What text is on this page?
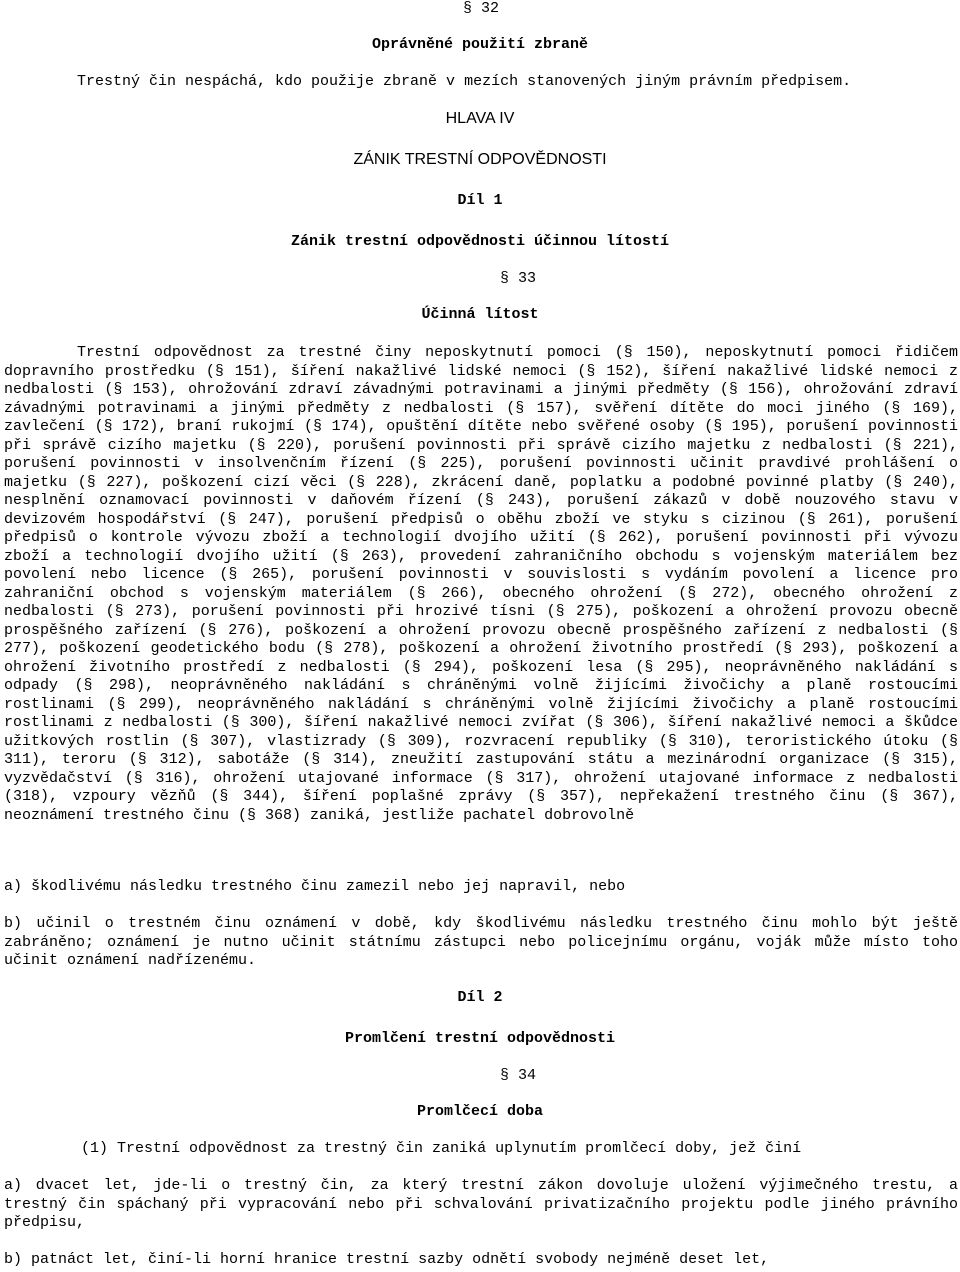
§ 32

Oprávněné použití zbraně

Trestný čin nespáchá, kdo použije zbraně v mezích stanovených jiným právním předpisem.

HLAVA IV

ZÁNIK TRESTNÍ ODPOVĚDNOSTI

Díl 1

Zánik trestní odpovědnosti účinnou lítostí

§ 33

Účinná lítost

Trestní odpovědnost za trestné činy neposkytnutí pomoci (§ 150), neposkytnutí pomoci řidičem dopravního prostředku (§ 151), šíření nakažlivé lidské nemoci (§ 152), šíření nakažlivé lidské nemoci z nedbalosti (§ 153), ohrožování zdraví závadnými potravinami a jinými předměty (§ 156), ohrožování zdraví závadnými potravinami a jinými předměty z nedbalosti (§ 157), svěření dítěte do moci jiného (§ 169), zavlečení (§ 172), braní rukojmí (§ 174), opuštění dítěte nebo svěřené osoby (§ 195), porušení povinnosti při správě cizího majetku (§ 220), porušení povinnosti při správě cizího majetku z nedbalosti (§ 221), porušení povinnosti v insolvenčním řízení (§ 225), porušení povinnosti učinit pravdivé prohlášení o majetku (§ 227), poškození cizí věci (§ 228), zkrácení daně, poplatku a podobné povinné platby (§ 240), nesplnění oznamovací povinnosti v daňovém řízení (§ 243), porušení zákazů v době nouzového stavu v devizovém hospodářství (§ 247), porušení předpisů o oběhu zboží ve styku s cizinou (§ 261), porušení předpisů o kontrole vývozu zboží a technologií dvojího užití (§ 262), porušení povinnosti při vývozu zboží a technologií dvojího užití (§ 263), provedení zahraničního obchodu s vojenským materiálem bez povolení nebo licence (§ 265), porušení povinnosti v souvislosti s vydáním povolení a licence pro zahraniční obchod s vojenským materiálem (§ 266), obecného ohrožení (§ 272), obecného ohrožení z nedbalosti (§ 273), porušení povinnosti při hrozivé tísni (§ 275), poškození a ohrožení provozu obecně prospěšného zařízení (§ 276), poškození a ohrožení provozu obecně prospěšného zařízení z nedbalosti (§ 277), poškození geodetického bodu (§ 278), poškození a ohrožení životního prostředí (§ 293), poškození a ohrožení životního prostředí z nedbalosti (§ 294), poškození lesa (§ 295), neoprávněného nakládání s odpady (§ 298), neoprávněného nakládání s chráněnými volně žijícími živočichy a planě rostoucími rostlinami (§ 299), neoprávněného nakládání s chráněnými volně žijícími živočichy a planě rostoucími rostlinami z nedbalosti (§ 300), šíření nakažlivé nemoci zvířat (§ 306), šíření nakažlivé nemoci a škůdce užitkových rostlin (§ 307), vlastizrady (§ 309), rozvracení republiky (§ 310), teroristického útoku (§ 311), teroru (§ 312), sabotáže (§ 314), zneužití zastupování státu a mezinárodní organizace (§ 315), vyzvědačství (§ 316), ohrožení utajované informace (§ 317), ohrožení utajované informace z nedbalosti (318), vzpoury vězňů (§ 344), šíření poplašné zprávy (§ 357), nepřekažení trestného činu (§ 367), neoznámení trestného činu (§ 368) zaniká, jestliže pachatel dobrovolně

a) škodlivému následku trestného činu zamezil nebo jej napravil, nebo

b) učinil o trestném činu oznámení v době, kdy škodlivému následku trestného činu mohlo být ještě zabráněno; oznámení je nutno učinit státnímu zástupci nebo policejnímu orgánu, voják může místo toho učinit oznámení nadřízenému.

Díl 2

Promlčení trestní odpovědnosti

§ 34

Promlčecí doba

(1) Trestní odpovědnost za trestný čin zaniká uplynutím promlčecí doby, jež činí

a) dvacet let, jde-li o trestný čin, za který trestní zákon dovoluje uložení výjimečného trestu, a trestný čin spáchaný při vypracování nebo při schvalování privatizačního projektu podle jiného právního předpisu,

b) patnáct let, činí-li horní hranice trestní sazby odnětí svobody nejméně deset let,
